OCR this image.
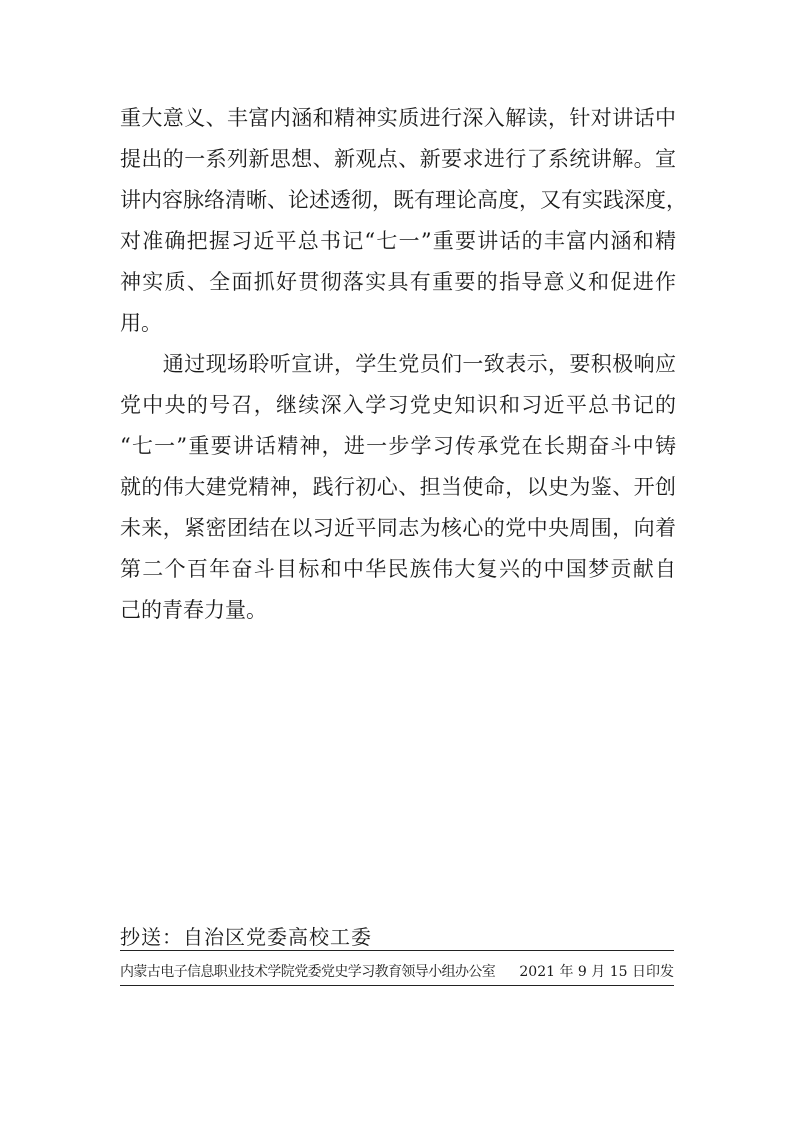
重大意义、丰富内涵和精神实质进行深入解读，针对讲话中
提出的一系列新思想、新观点、新要求进行了系统讲解。宣
讲内容脉络清晰、论述透彻，既有理论高度，又有实践深度，
对准确把握习近平总书记“七一”重要讲话的丰富内涵和精
神实质、全面抓好贯彻落实具有重要的指导意义和促进作
用。
　　通过现场聆听宣讲，学生党员们一致表示，要积极响应
党中央的号召，继续深入学习党史知识和习近平总书记的
“七一”重要讲话精神，进一步学习传承党在长期奋斗中铸
就的伟大建党精神，践行初心、担当使命，以史为鉴、开创
未来，紧密团结在以习近平同志为核心的党中央周围，向着
第二个百年奋斗目标和中华民族伟大复兴的中国梦贡献自
己的青春力量。
抄送：自治区党委高校工委
内蒙古电子信息职业技术学院党委党史学习教育领导小组办公室 2021 年 9 月 15 日印发
